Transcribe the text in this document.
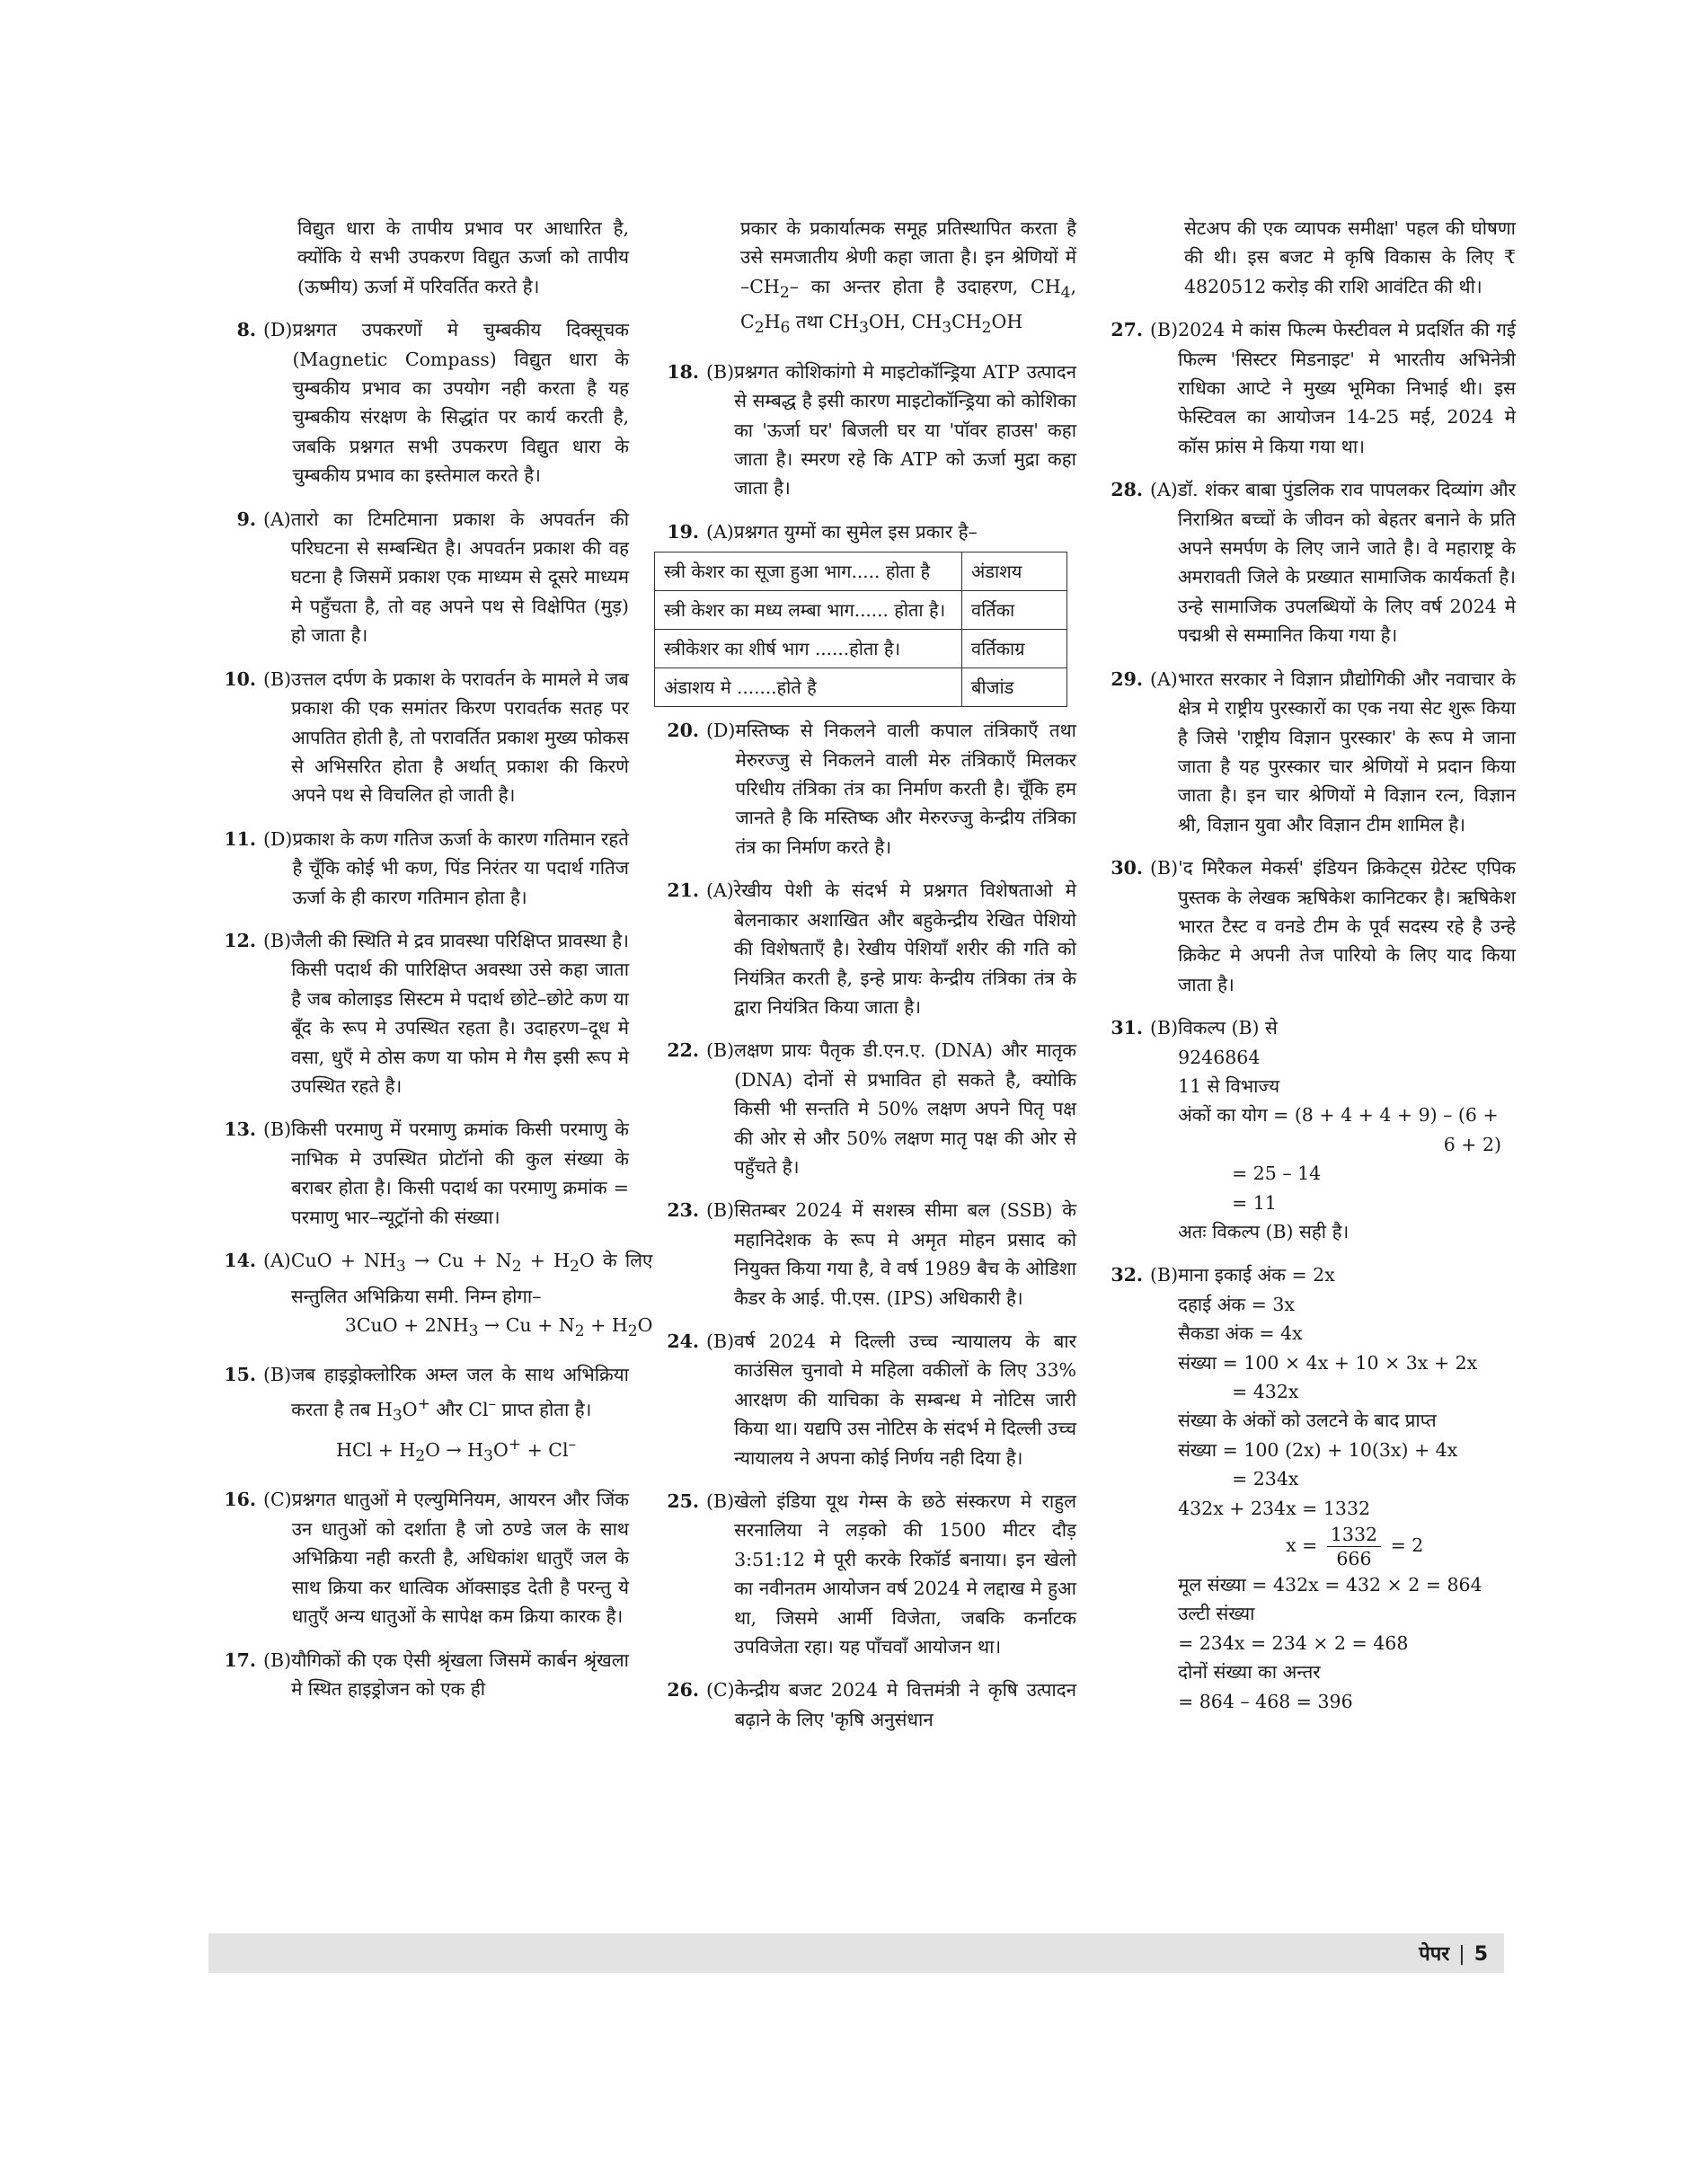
विद्युत धारा के तापीय प्रभाव पर आधारित है, क्योंकि ये सभी उपकरण विद्युत ऊर्जा को तापीय (ऊष्मीय) ऊर्जा में परिवर्तित करते है।
8. (D) प्रश्नगत उपकरणों मे चुम्बकीय दिक्सूचक (Magnetic Compass) विद्युत धारा के चुम्बकीय प्रभाव का उपयोग नही करता है यह चुम्बकीय संरक्षण के सिद्धांत पर कार्य करती है, जबकि प्रश्नगत सभी उपकरण विद्युत धारा के चुम्बकीय प्रभाव का इस्तेमाल करते है।
9. (A) तारो का टिमटिमाना प्रकाश के अपवर्तन की परिघटना से सम्बन्धित है। अपवर्तन प्रकाश की वह घटना है जिसमें प्रकाश एक माध्यम से दूसरे माध्यम मे पहुँचता है, तो वह अपने पथ से विक्षेपित (मुड़) हो जाता है।
10. (B) उत्तल दर्पण के प्रकाश के परावर्तन के मामले मे जब प्रकाश की एक समांतर किरण परावर्तक सतह पर आपतित होती है, तो परावर्तित प्रकाश मुख्य फोकस से अभिसरित होता है अर्थात् प्रकाश की किरणे अपने पथ से विचलित हो जाती है।
11. (D) प्रकाश के कण गतिज ऊर्जा के कारण गतिमान रहते है चूँकि कोई भी कण, पिंड निरंतर या पदार्थ गतिज ऊर्जा के ही कारण गतिमान होता है।
12. (B) जैली की स्थिति मे द्रव प्रावस्था परिक्षिप्त प्रावस्था है। किसी पदार्थ की पारिक्षिप्त अवस्था उसे कहा जाता है जब कोलाइड सिस्टम मे पदार्थ छोटे–छोटे कण या बूँद के रूप मे उपस्थित रहता है। उदाहरण–दूध मे वसा, धुएँ मे ठोस कण या फोम मे गैस इसी रूप मे उपस्थित रहते है।
13. (B) किसी परमाणु में परमाणु क्रमांक किसी परमाणु के नाभिक मे उपस्थित प्रोटॉनो की कुल संख्या के बराबर होता है। किसी पदार्थ का परमाणु क्रमांक = परमाणु भार–न्यूट्रॉनो की संख्या।
14. (A) CuO + $NH_3 \to Cu + N_2 + H_2O$ के लिए सन्तुलित अभिक्रिया समी. निम्न होगा–
$3CuO + 2NH_3 \to Cu + N_2 + H_2O$
15. (B) जब हाइड्रोक्लोरिक अम्ल जल के साथ अभिक्रिया करता है तब $H_3O^+$ और Cl– प्राप्त होता है।
HCl + $H_2O \to H_3O^+ + Cl^-$
16. (C) प्रश्नगत धातुओं मे एल्युमिनियम, आयरन और जिंक उन धातुओं को दर्शाता है जो ठण्डे जल के साथ अभिक्रिया नही करती है, अधिकांश धातुएँ जल के साथ क्रिया कर धात्विक ऑक्साइड देती है परन्तु ये धातुएँ अन्य धातुओं के सापेक्ष कम क्रिया कारक है।
17. (B) यौगिकों की एक ऐसी श्रृंखला जिसमें कार्बन श्रृंखला मे स्थित हाइड्रोजन को एक ही
प्रकार के प्रकार्यात्मक समूह प्रतिस्थापित करता है उसे समजातीय श्रेणी कहा जाता है। इन श्रेणियों में $-CH_2-$ का अन्तर होता है उदाहरण, $CH_4$, $C_2H_6$ तथा $CH_3OH$, $CH_3CH_2OH$
18. (B) प्रश्नगत कोशिकांगो मे माइटोकॉन्ड्रिया ATP उत्पादन से सम्बद्ध है इसी कारण माइटोकॉन्ड्रिया को कोशिका का 'ऊर्जा घर' बिजली घर या 'पॉवर हाउस' कहा जाता है। स्मरण रहे कि ATP को ऊर्जा मुद्रा कहा जाता है।
19. (A) प्रश्नगत युग्मों का सुमेल इस प्रकार है–
स्त्री केशर का सूजा हुआ भाग..... होता है	अंडाशय
स्त्री केशर का मध्य लम्बा भाग...... होता है।	वर्तिका
स्त्रीकेशर का शीर्ष भाग ......होता है।	वर्तिकाग्र
अंडाशय मे .......होते है	बीजांड
20. (D) मस्तिष्क से निकलने वाली कपाल तंत्रिकाएँ तथा मेरुरज्जु से निकलने वाली मेरु तंत्रिकाएँ मिलकर परिधीय तंत्रिका तंत्र का निर्माण करती है। चूँकि हम जानते है कि मस्तिष्क और मेरुरज्जु केन्द्रीय तंत्रिका तंत्र का निर्माण करते है।
21. (A) रेखीय पेशी के संदर्भ मे प्रश्नगत विशेषताओ मे बेलनाकार अशाखित और बहुकेन्द्रीय रेखित पेशियो की विशेषताएँ है। रेखीय पेशियाँ शरीर की गति को नियंत्रित करती है, इन्हे प्रायः केन्द्रीय तंत्रिका तंत्र के द्वारा नियंत्रित किया जाता है।
22. (B) लक्षण प्रायः पैतृक डी.एन.ए. (DNA) और मातृक (DNA) दोनों से प्रभावित हो सकते है, क्योकि किसी भी सन्तति मे 50% लक्षण अपने पितृ पक्ष की ओर से और 50% लक्षण मातृ पक्ष की ओर से पहुँचते है।
23. (B) सितम्बर 2024 में सशस्त्र सीमा बल (SSB) के महानिदेशक के रूप मे अमृत मोहन प्रसाद को नियुक्त किया गया है, वे वर्ष 1989 बैच के ओडिशा कैडर के आई. पी.एस. (IPS) अधिकारी है।
24. (B) वर्ष 2024 मे दिल्ली उच्च न्यायालय के बार काउंसिल चुनावो मे महिला वकीलों के लिए 33% आरक्षण की याचिका के सम्बन्ध मे नोटिस जारी किया था। यद्यपि उस नोटिस के संदर्भ मे दिल्ली उच्च न्यायालय ने अपना कोई निर्णय नही दिया है।
25. (B) खेलो इंडिया यूथ गेम्स के छठे संस्करण मे राहुल सरनालिया ने लड़को की 1500 मीटर दौड़ 3:51:12 मे पूरी करके रिकॉर्ड बनाया। इन खेलो का नवीनतम आयोजन वर्ष 2024 मे लद्दाख मे हुआ था, जिसमे आर्मी विजेता, जबकि कर्नाटक उपविजेता रहा। यह पाँचवाँ आयोजन था।
26. (C) केन्द्रीय बजट 2024 मे वित्तमंत्री ने कृषि उत्पादन बढ़ाने के लिए 'कृषि अनुसंधान
सेटअप की एक व्यापक समीक्षा' पहल की घोषणा की थी। इस बजट मे कृषि विकास के लिए ₹ 4820512 करोड़ की राशि आवंटित की थी।
27. (B) 2024 मे कांस फिल्म फेस्टीवल मे प्रदर्शित की गई फिल्म 'सिस्टर मिडनाइट' मे भारतीय अभिनेत्री राधिका आप्टे ने मुख्य भूमिका निभाई थी। इस फेस्टिवल का आयोजन 14-25 मई, 2024 मे कॉस फ्रांस मे किया गया था।
28. (A) डॉ. शंकर बाबा पुंडलिक राव पापलकर दिव्यांग और निराश्रित बच्चों के जीवन को बेहतर बनाने के प्रति अपने समर्पण के लिए जाने जाते है। वे महाराष्ट्र के अमरावती जिले के प्रख्यात सामाजिक कार्यकर्ता है। उन्हे सामाजिक उपलब्धियों के लिए वर्ष 2024 मे पद्मश्री से सम्मानित किया गया है।
29. (A) भारत सरकार ने विज्ञान प्रौद्योगिकी और नवाचार के क्षेत्र मे राष्ट्रीय पुरस्कारों का एक नया सेट शुरू किया है जिसे 'राष्ट्रीय विज्ञान पुरस्कार' के रूप मे जाना जाता है यह पुरस्कार चार श्रेणियों मे प्रदान किया जाता है। इन चार श्रेणियों मे विज्ञान रत्न, विज्ञान श्री, विज्ञान युवा और विज्ञान टीम शामिल है।
30. (B) 'द मिरैकल मेकर्स' इंडियन क्रिकेट्स ग्रेटेस्ट एपिक पुस्तक के लेखक ऋषिकेश कानिटकर है। ऋषिकेश भारत टैस्ट व वनडे टीम के पूर्व सदस्य रहे है उन्हे क्रिकेट मे अपनी तेज पारियो के लिए याद किया जाता है।
31. (B) विकल्प (B) से
9246864
11 से विभाज्य
अंकों का योग = (8 + 4 + 4 + 9) – (6 +
6 + 2)
= 25 – 14
= 11
अतः विकल्प (B) सही है।
32. (B) माना इकाई अंक = 2x
दहाई अंक = 3x
सैकडा अंक = 4x
संख्या = 100 × 4x + 10 × 3x + 2x
= 432x
संख्या के अंकों को उलटने के बाद प्राप्त
संख्या = 100 (2x) + 10(3x) + 4x
= 234x
432x + 234x = 1332
$x = \frac{1332}{666} = 2$
मूल संख्या = 432x = 432 × 2 = 864
उल्टी संख्या
= 234x = 234 × 2 = 468
दोनों संख्या का अन्तर
= 864 – 468 = 396
पेपर | 5
